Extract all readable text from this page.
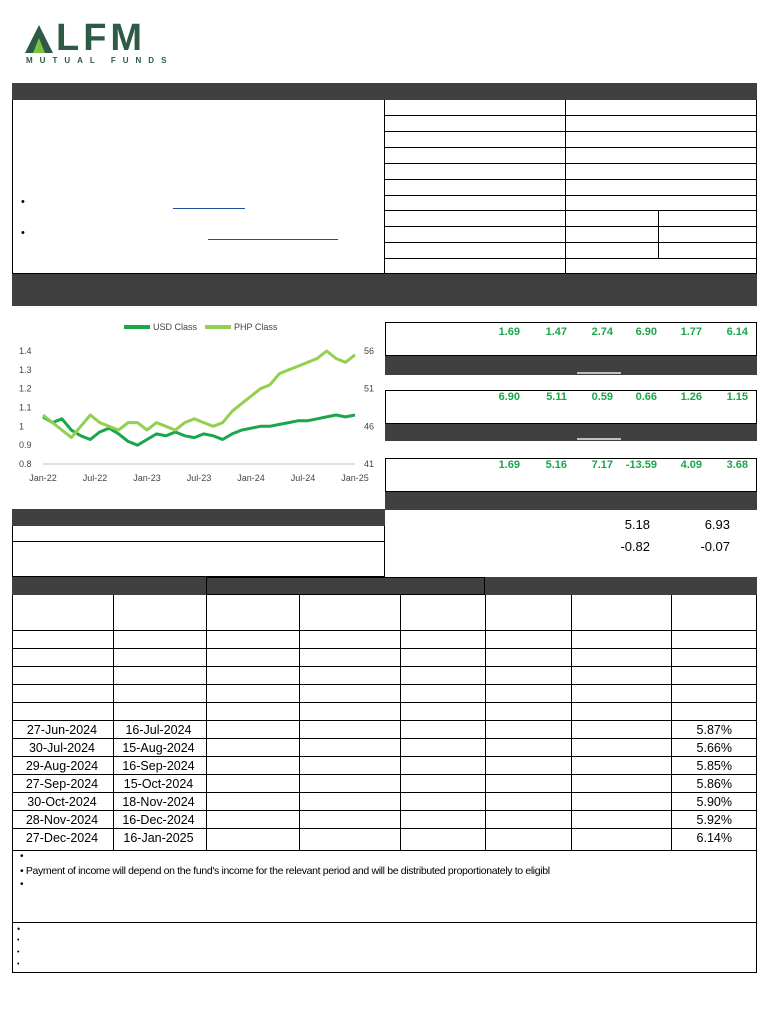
LFM
MUTUAL FUNDS
•
•
1.4
1.3
1.2
1.1
1
0.9
0.8
56
51
46
41
Jan-22	Jul-22	Jan-23	Jul-23	Jan-24	Jul-24	Jan-25
USD Class	PHP Class	1.69	1.47	2.74	6.90	1.77	6.14
6.90	5.11	0.59	0.66	1.26	1.15
1.69	5.16	7.17	-13.59	4.09	3.68
5.18	6.93
-0.82	-0.07
27-Jun-2024	16-Jul-2024	5.87%
30-Jul-2024	15-Aug-2024	5.66%
29-Aug-2024	16-Sep-2024	5.85%
27-Sep-2024	15-Oct-2024	5.86%
30-Oct-2024	18-Nov-2024	5.90%
28-Nov-2024	16-Dec-2024	5.92%
27-Dec-2024	16-Jan-2025	6.14%
•
• Payment of income will depend on the fund's income for the relevant period and will be distributed proportionately to eligibl
•
•
•
•
•
